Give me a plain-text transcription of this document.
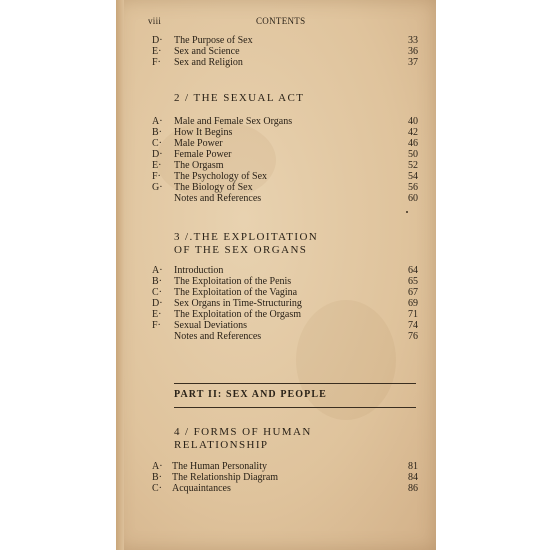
viii	CONTENTS
D·	The Purpose of Sex	33
E·	Sex and Science	36
F·	Sex and Religion	37
2 / THE SEXUAL ACT
A·	Male and Female Sex Organs	40
B·	How It Begins	42
C·	Male Power	46
D·	Female Power	50
E·	The Orgasm	52
F·	The Psychology of Sex	54
G·	The Biology of Sex	56
Notes and References	60
3 /.THE EXPLOITATION
OF THE SEX ORGANS
A·	Introduction	64
B·	The Exploitation of the Penis	65
C·	The Exploitation of the Vagina	67
D·	Sex Organs in Time-Structuring	69
E·	The Exploitation of the Orgasm	71
F·	Sexual Deviations	74
Notes and References	76
PART II: SEX AND PEOPLE
4 / FORMS OF HUMAN
RELATIONSHIP
A· The Human Personality	81
B·	The Relationship Diagram	84
C·	Acquaintances	86
